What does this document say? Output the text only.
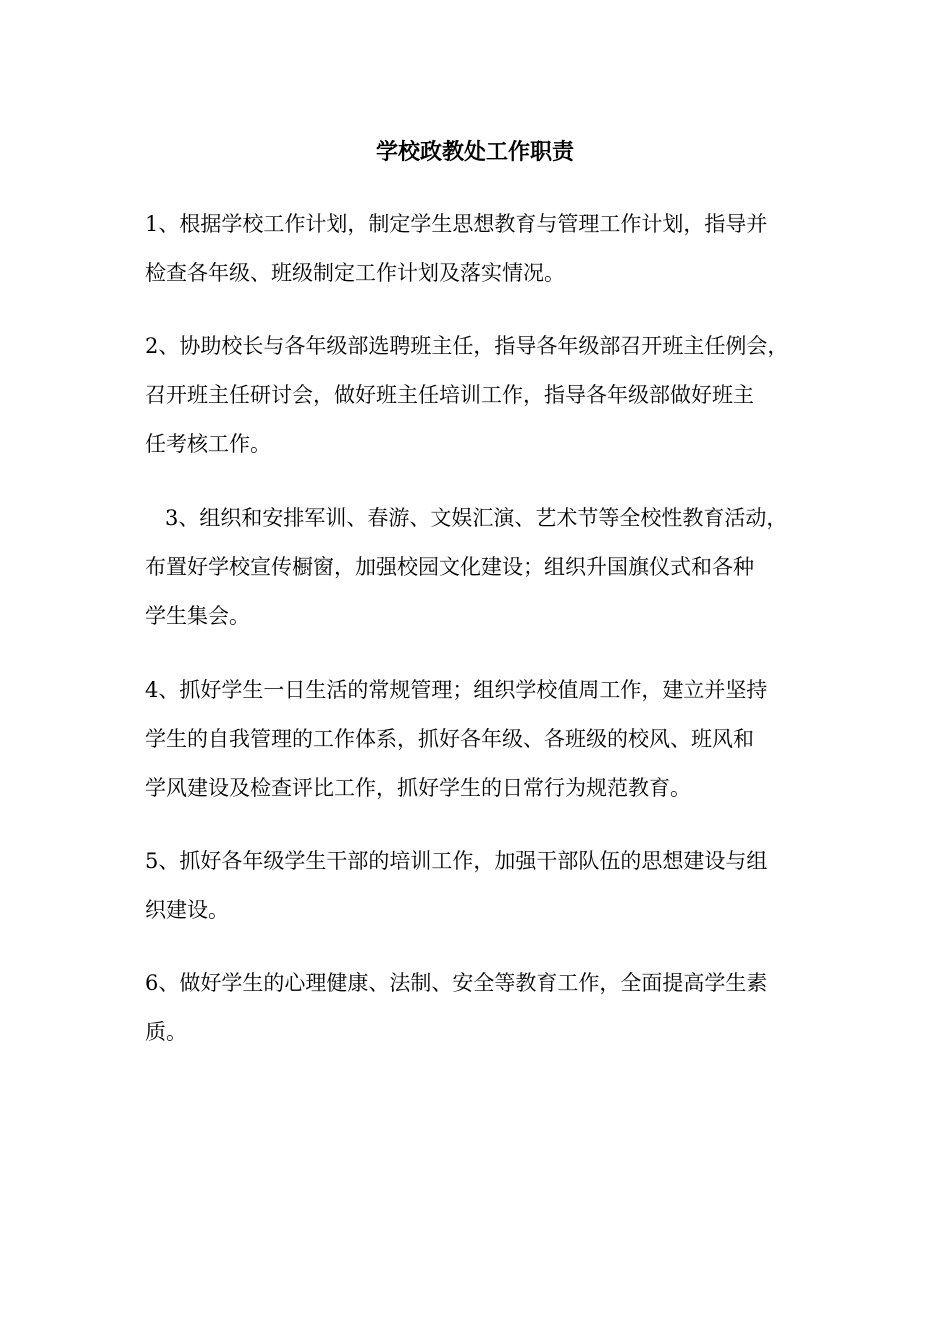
学校政教处工作职责
1、根据学校工作计划，制定学生思想教育与管理工作计划，指导并
检查各年级、班级制定工作计划及落实情况。
2、协助校长与各年级部选聘班主任，指导各年级部召开班主任例会，
召开班主任研讨会，做好班主任培训工作，指导各年级部做好班主
任考核工作。
3、组织和安排军训、春游、文娱汇演、艺术节等全校性教育活动，
布置好学校宣传橱窗，加强校园文化建设；组织升国旗仪式和各种
学生集会。
4、抓好学生一日生活的常规管理；组织学校值周工作，建立并坚持
学生的自我管理的工作体系，抓好各年级、各班级的校风、班风和
学风建设及检查评比工作，抓好学生的日常行为规范教育。
5、抓好各年级学生干部的培训工作，加强干部队伍的思想建设与组
织建设。
6、做好学生的心理健康、法制、安全等教育工作，全面提高学生素
质。
